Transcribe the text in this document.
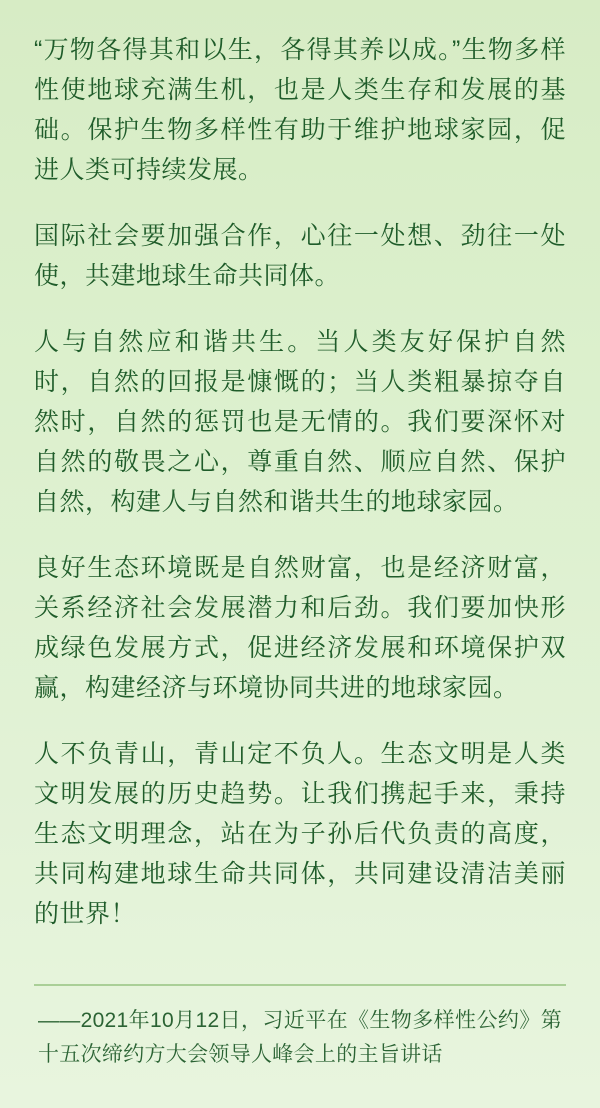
“万物各得其和以生，各得其养以成。”生物多样性使地球充满生机，也是人类生存和发展的基础。保护生物多样性有助于维护地球家园，促进人类可持续发展。

国际社会要加强合作，心往一处想、劲往一处使，共建地球生命共同体。

人与自然应和谐共生。当人类友好保护自然时，自然的回报是慷慨的；当人类粗暴掠夺自然时，自然的惩罚也是无情的。我们要深怀对自然的敬畏之心，尊重自然、顺应自然、保护自然，构建人与自然和谐共生的地球家园。

良好生态环境既是自然财富，也是经济财富，关系经济社会发展潜力和后劲。我们要加快形成绿色发展方式，促进经济发展和环境保护双赢，构建经济与环境协同共进的地球家园。

人不负青山，青山定不负人。生态文明是人类文明发展的历史趋势。让我们携起手来，秉持生态文明理念，站在为子孙后代负责的高度，共同构建地球生命共同体，共同建设清洁美丽的世界！

——2021年10月12日，习近平在《生物多样性公约》第十五次缔约方大会领导人峰会上的主旨讲话
